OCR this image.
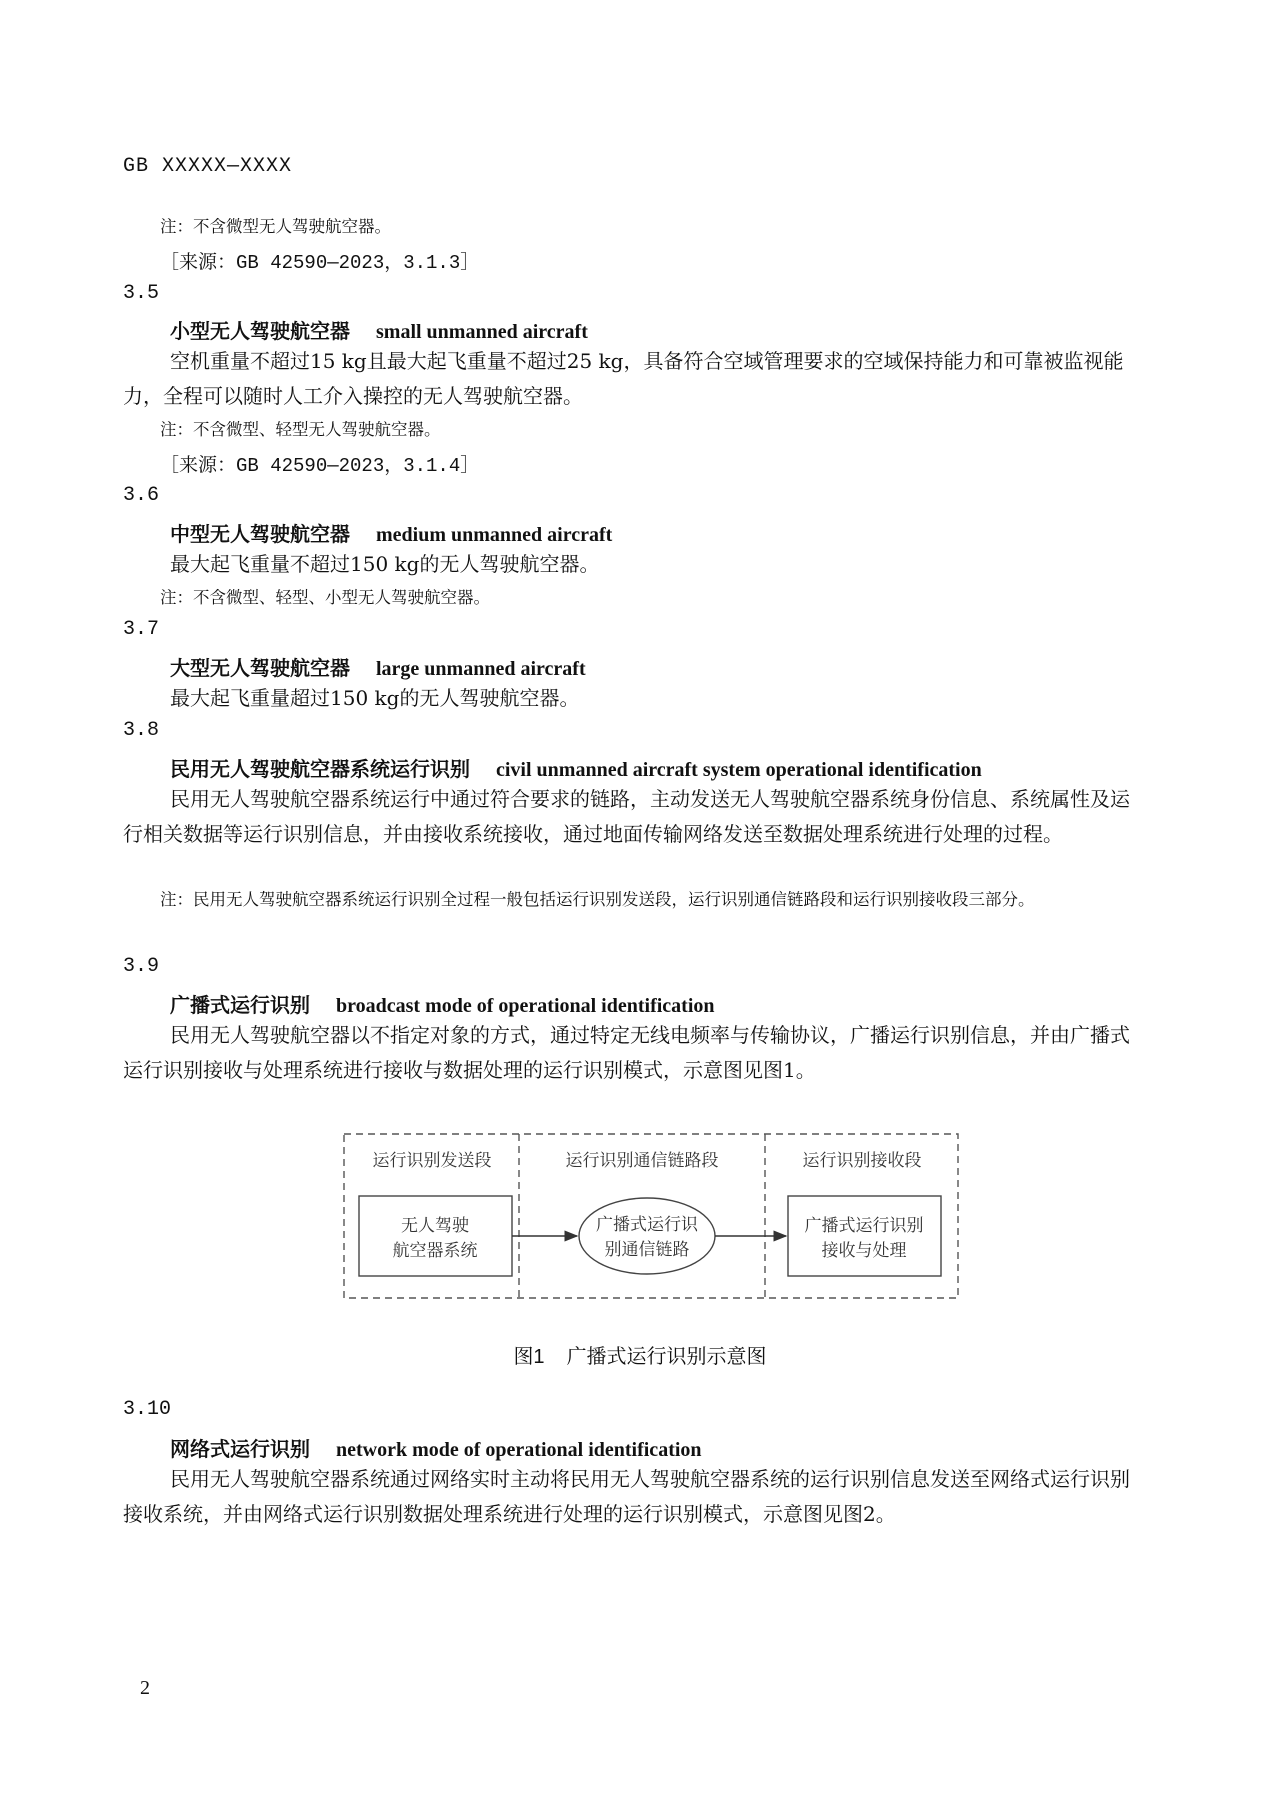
GB XXXXX—XXXX

注：不含微型无人驾驶航空器。

［来源：GB 42590—2023，3.1.3］
3.5
小型无人驾驶航空器 small unmanned aircraft

空机重量不超过15 kg且最大起飞重量不超过25 kg，具备符合空域管理要求的空域保持能力和可靠被监视能力，全程可以随时人工介入操控的无人驾驶航空器。

注：不含微型、轻型无人驾驶航空器。

［来源：GB 42590—2023，3.1.4］
3.6
中型无人驾驶航空器 medium unmanned aircraft

最大起飞重量不超过150 kg的无人驾驶航空器。

注：不含微型、轻型、小型无人驾驶航空器。

3.7
大型无人驾驶航空器 large unmanned aircraft

最大起飞重量超过150 kg的无人驾驶航空器。

3.8
民用无人驾驶航空器系统运行识别 civil unmanned aircraft system operational identification

民用无人驾驶航空器系统运行中通过符合要求的链路，主动发送无人驾驶航空器系统身份信息、系统属性及运行相关数据等运行识别信息，并由接收系统接收，通过地面传输网络发送至数据处理系统进行处理的过程。

注：民用无人驾驶航空器系统运行识别全过程一般包括运行识别发送段，运行识别通信链路段和运行识别接收段三部分。

3.9
广播式运行识别 broadcast mode of operational identification

民用无人驾驶航空器以不指定对象的方式，通过特定无线电频率与传输协议，广播运行识别信息，并由广播式运行识别接收与处理系统进行接收与数据处理的运行识别模式，示意图见图1。

运行识别发送段	运行识别通信链路段	运行识别接收段
无人驾驶
航空器系统
广播式运行识
别通信链路
广播式运行识别
接收与处理
图1 广播式运行识别示意图
3.10
网络式运行识别 network mode of operational identification

民用无人驾驶航空器系统通过网络实时主动将民用无人驾驶航空器系统的运行识别信息发送至网络式运行识别接收系统，并由网络式运行识别数据处理系统进行处理的运行识别模式，示意图见图2。

2
